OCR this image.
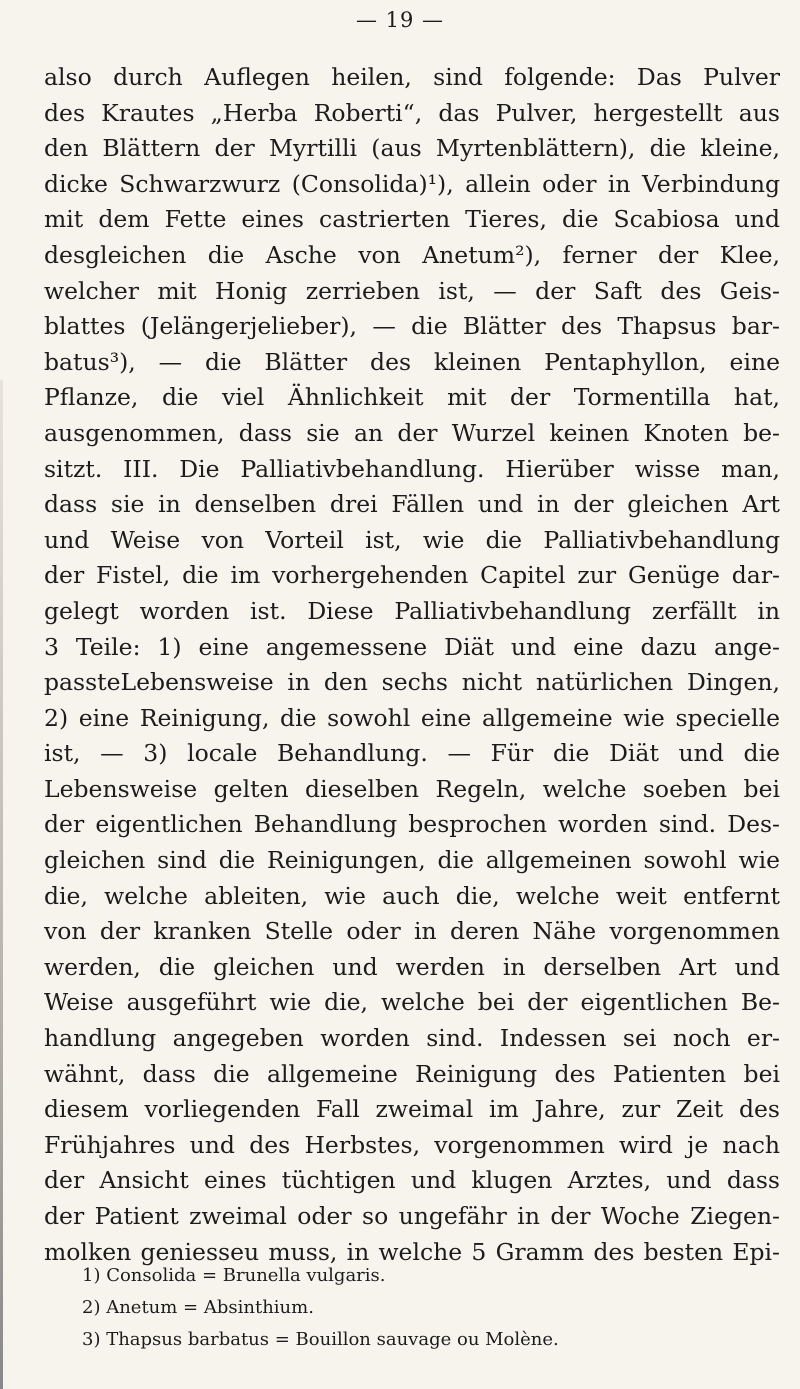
— 19 —
also durch Auflegen heilen, sind folgende: Das Pulver
des Krautes „Herba Roberti“, das Pulver, hergestellt aus
den Blättern der Myrtilli (aus Myrtenblättern), die kleine,
dicke Schwarzwurz (Consolida)¹), allein oder in Verbindung
mit dem Fette eines castrierten Tieres, die Scabiosa und
desgleichen die Asche von Anetum²), ferner der Klee,
welcher mit Honig zerrieben ist, — der Saft des Geis-
blattes (Jelängerjelieber), — die Blätter des Thapsus bar-
batus³), — die Blätter des kleinen Pentaphyllon, eine
Pflanze, die viel Ähnlichkeit mit der Tormentilla hat,
ausgenommen, dass sie an der Wurzel keinen Knoten be-
sitzt. III. Die Palliativbehandlung. Hierüber wisse man,
dass sie in denselben drei Fällen und in der gleichen Art
und Weise von Vorteil ist, wie die Palliativbehandlung
der Fistel, die im vorhergehenden Capitel zur Genüge dar-
gelegt worden ist. Diese Palliativbehandlung zerfällt in
3 Teile: 1) eine angemessene Diät und eine dazu ange-
passteLebensweise in den sechs nicht natürlichen Dingen,
2) eine Reinigung, die sowohl eine allgemeine wie specielle
ist, — 3) locale Behandlung. — Für die Diät und die
Lebensweise gelten dieselben Regeln, welche soeben bei
der eigentlichen Behandlung besprochen worden sind. Des-
gleichen sind die Reinigungen, die allgemeinen sowohl wie
die, welche ableiten, wie auch die, welche weit entfernt
von der kranken Stelle oder in deren Nähe vorgenommen
werden, die gleichen und werden in derselben Art und
Weise ausgeführt wie die, welche bei der eigentlichen Be-
handlung angegeben worden sind. Indessen sei noch er-
wähnt, dass die allgemeine Reinigung des Patienten bei
diesem vorliegenden Fall zweimal im Jahre, zur Zeit des
Frühjahres und des Herbstes, vorgenommen wird je nach
der Ansicht eines tüchtigen und klugen Arztes, und dass
der Patient zweimal oder so ungefähr in der Woche Ziegen-
molken geniesseu muss, in welche 5 Gramm des besten Epi-
1) Consolida = Brunella vulgaris.
2) Anetum = Absinthium.
3) Thapsus barbatus = Bouillon sauvage ou Molène.
